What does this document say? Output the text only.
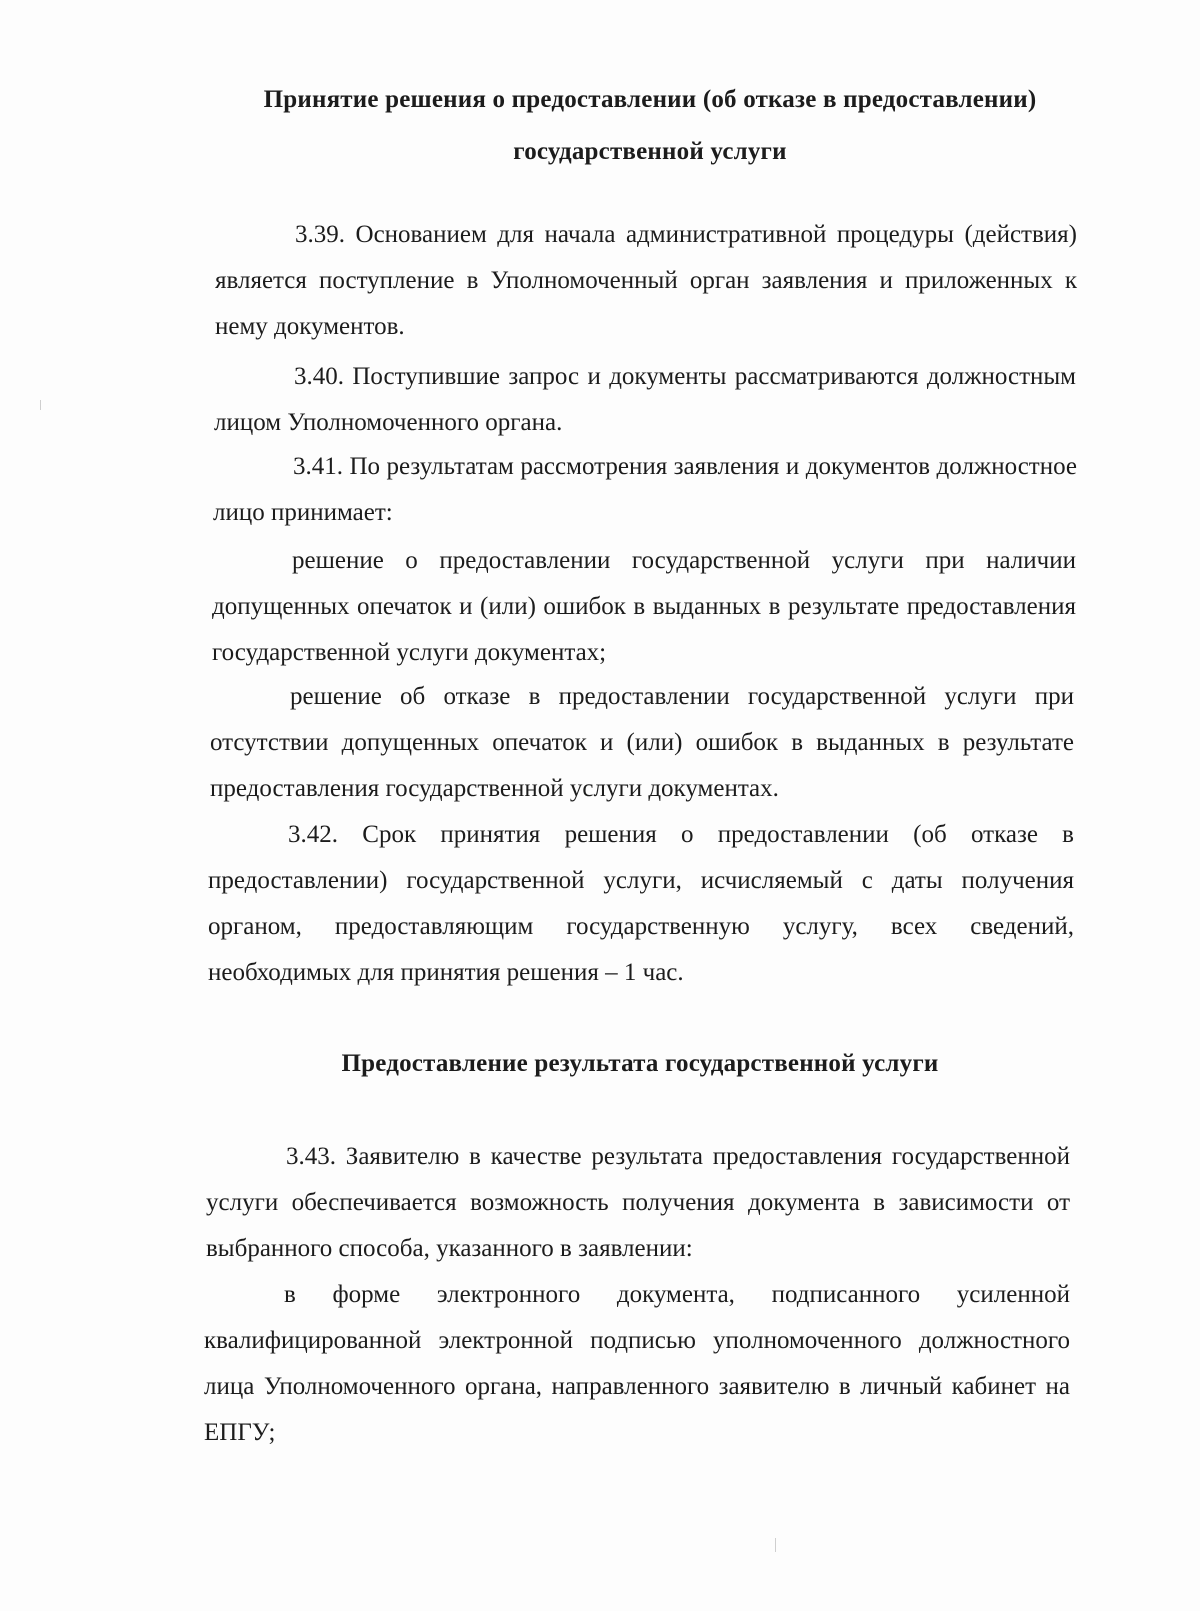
Принятие решения о предоставлении (об отказе в предоставлении)
государственной услуги

3.39. Основанием для начала административной процедуры (действия) является поступление в Уполномоченный орган заявления и приложенных к нему документов.

3.40. Поступившие запрос и документы рассматриваются должностным лицом Уполномоченного органа.

3.41. По результатам рассмотрения заявления и документов должностное лицо принимает:

решение о предоставлении государственной услуги при наличии допущенных опечаток и (или) ошибок в выданных в результате предоставления государственной услуги документах;

решение об отказе в предоставлении государственной услуги при отсутствии допущенных опечаток и (или) ошибок в выданных в результате предоставления государственной услуги документах.

3.42. Срок принятия решения о предоставлении (об отказе в предоставлении) государственной услуги, исчисляемый с даты получения органом, предоставляющим государственную услугу, всех сведений, необходимых для принятия решения – 1 час.

Предоставление результата государственной услуги

3.43. Заявителю в качестве результата предоставления государственной услуги обеспечивается возможность получения документа в зависимости от выбранного способа, указанного в заявлении:

в форме электронного документа, подписанного усиленной квалифицированной электронной подписью уполномоченного должностного лица Уполномоченного органа, направленного заявителю в личный кабинет на ЕПГУ;
